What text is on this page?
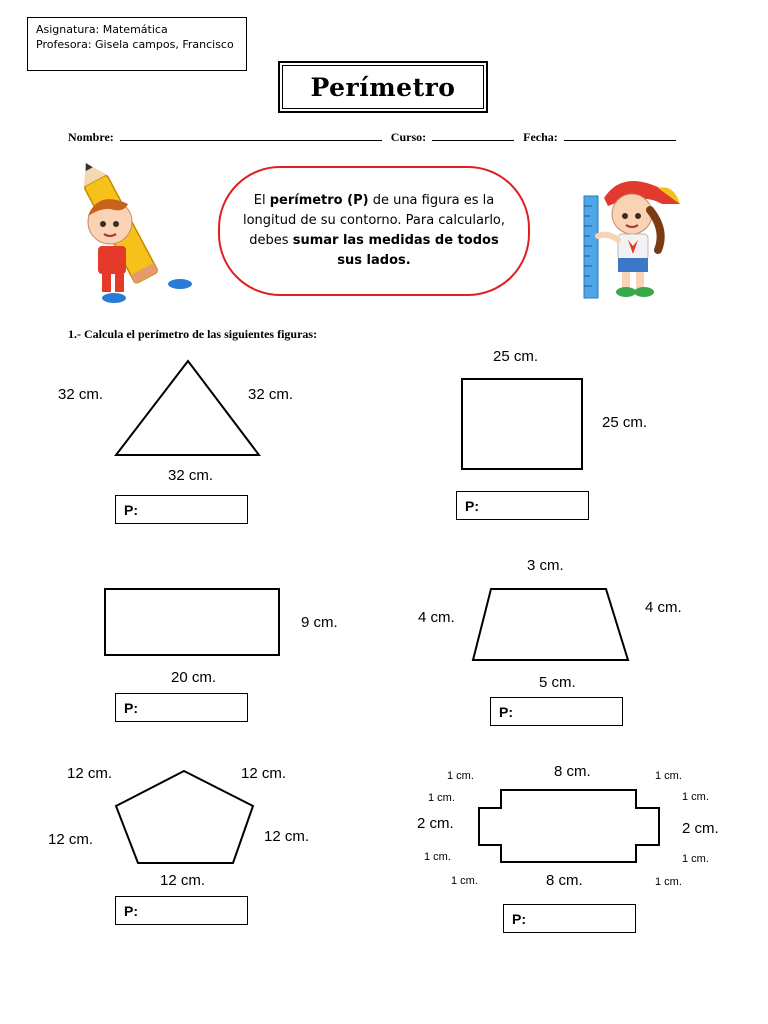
Asignatura: Matemática
Profesora: Gisela campos, Francisco
Perímetro
Nombre:	Curso:	Fecha:
El perímetro (P) de una figura es la longitud de su contorno. Para calcularlo, debes sumar las medidas de todos sus lados.
1.- Calcula el perímetro de las siguientes figuras:
32 cm.	32 cm.
32 cm.
P:
25 cm.
25 cm.
P:
9 cm.
20 cm.
P:
3 cm.
4 cm.
4 cm.
5 cm.
P:
12 cm.	12 cm.
12 cm.	12 cm.
12 cm.
P:
8 cm.
8 cm.
2 cm.	2 cm.
1 cm.
1 cm.
1 cm.
1 cm.
1 cm.
1 cm.
1 cm.
1 cm.
P:
